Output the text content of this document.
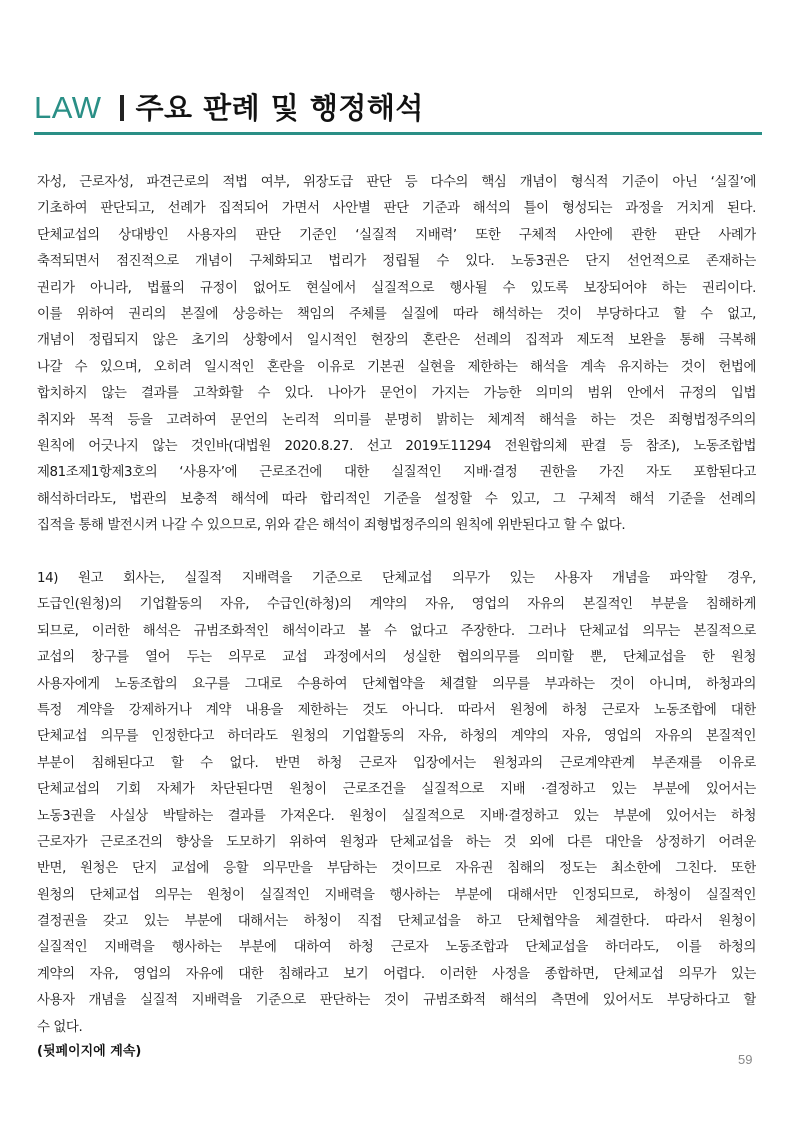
LAW 주요 판례 및 행정해석
자성, 근로자성, 파견근로의 적법 여부, 위장도급 판단 등 다수의 핵심 개념이 형식적 기준이 아닌 ‘실질’에
기초하여 판단되고, 선례가 집적되어 가면서 사안별 판단 기준과 해석의 틀이 형성되는 과정을 거치게 된다.
단체교섭의 상대방인 사용자의 판단 기준인 ‘실질적 지배력’ 또한 구체적 사안에 관한 판단 사례가
축적되면서 점진적으로 개념이 구체화되고 법리가 정립될 수 있다. 노동3권은 단지 선언적으로 존재하는
권리가 아니라, 법률의 규정이 없어도 현실에서 실질적으로 행사될 수 있도록 보장되어야 하는 권리이다.
이를 위하여 권리의 본질에 상응하는 책임의 주체를 실질에 따라 해석하는 것이 부당하다고 할 수 없고,
개념이 정립되지 않은 초기의 상황에서 일시적인 현장의 혼란은 선례의 집적과 제도적 보완을 통해 극복해
나갈 수 있으며, 오히려 일시적인 혼란을 이유로 기본권 실현을 제한하는 해석을 계속 유지하는 것이 헌법에
합치하지 않는 결과를 고착화할 수 있다. 나아가 문언이 가지는 가능한 의미의 범위 안에서 규정의 입법
취지와 목적 등을 고려하여 문언의 논리적 의미를 분명히 밝히는 체계적 해석을 하는 것은 죄형법정주의의
원칙에 어긋나지 않는 것인바(대법원 2020.8.27. 선고 2019도11294 전원합의체 판결 등 참조), 노동조합법
제81조제1항제3호의 ‘사용자’에 근로조건에 대한 실질적인 지배·결정 권한을 가진 자도 포함된다고
해석하더라도, 법관의 보충적 해석에 따라 합리적인 기준을 설정할 수 있고, 그 구체적 해석 기준을 선례의
집적을 통해 발전시켜 나갈 수 있으므로, 위와 같은 해석이 죄형법정주의의 원칙에 위반된다고 할 수 없다.
14) 원고 회사는, 실질적 지배력을 기준으로 단체교섭 의무가 있는 사용자 개념을 파악할 경우,
도급인(원청)의 기업활동의 자유, 수급인(하청)의 계약의 자유, 영업의 자유의 본질적인 부분을 침해하게
되므로, 이러한 해석은 규범조화적인 해석이라고 볼 수 없다고 주장한다. 그러나 단체교섭 의무는 본질적으로
교섭의 창구를 열어 두는 의무로 교섭 과정에서의 성실한 협의의무를 의미할 뿐, 단체교섭을 한 원청
사용자에게 노동조합의 요구를 그대로 수용하여 단체협약을 체결할 의무를 부과하는 것이 아니며, 하청과의
특정 계약을 강제하거나 계약 내용을 제한하는 것도 아니다. 따라서 원청에 하청 근로자 노동조합에 대한
단체교섭 의무를 인정한다고 하더라도 원청의 기업활동의 자유, 하청의 계약의 자유, 영업의 자유의 본질적인
부분이 침해된다고 할 수 없다. 반면 하청 근로자 입장에서는 원청과의 근로계약관계 부존재를 이유로
단체교섭의 기회 자체가 차단된다면 원청이 근로조건을 실질적으로 지배 ·결정하고 있는 부분에 있어서는
노동3권을 사실상 박탈하는 결과를 가져온다. 원청이 실질적으로 지배·결정하고 있는 부분에 있어서는 하청
근로자가 근로조건의 향상을 도모하기 위하여 원청과 단체교섭을 하는 것 외에 다른 대안을 상정하기 어려운
반면, 원청은 단지 교섭에 응할 의무만을 부담하는 것이므로 자유권 침해의 정도는 최소한에 그친다. 또한
원청의 단체교섭 의무는 원청이 실질적인 지배력을 행사하는 부분에 대해서만 인정되므로, 하청이 실질적인
결정권을 갖고 있는 부분에 대해서는 하청이 직접 단체교섭을 하고 단체협약을 체결한다. 따라서 원청이
실질적인 지배력을 행사하는 부분에 대하여 하청 근로자 노동조합과 단체교섭을 하더라도, 이를 하청의
계약의 자유, 영업의 자유에 대한 침해라고 보기 어렵다. 이러한 사정을 종합하면, 단체교섭 의무가 있는
사용자 개념을 실질적 지배력을 기준으로 판단하는 것이 규범조화적 해석의 측면에 있어서도 부당하다고 할
수 없다.
(뒷페이지에 계속)
59
